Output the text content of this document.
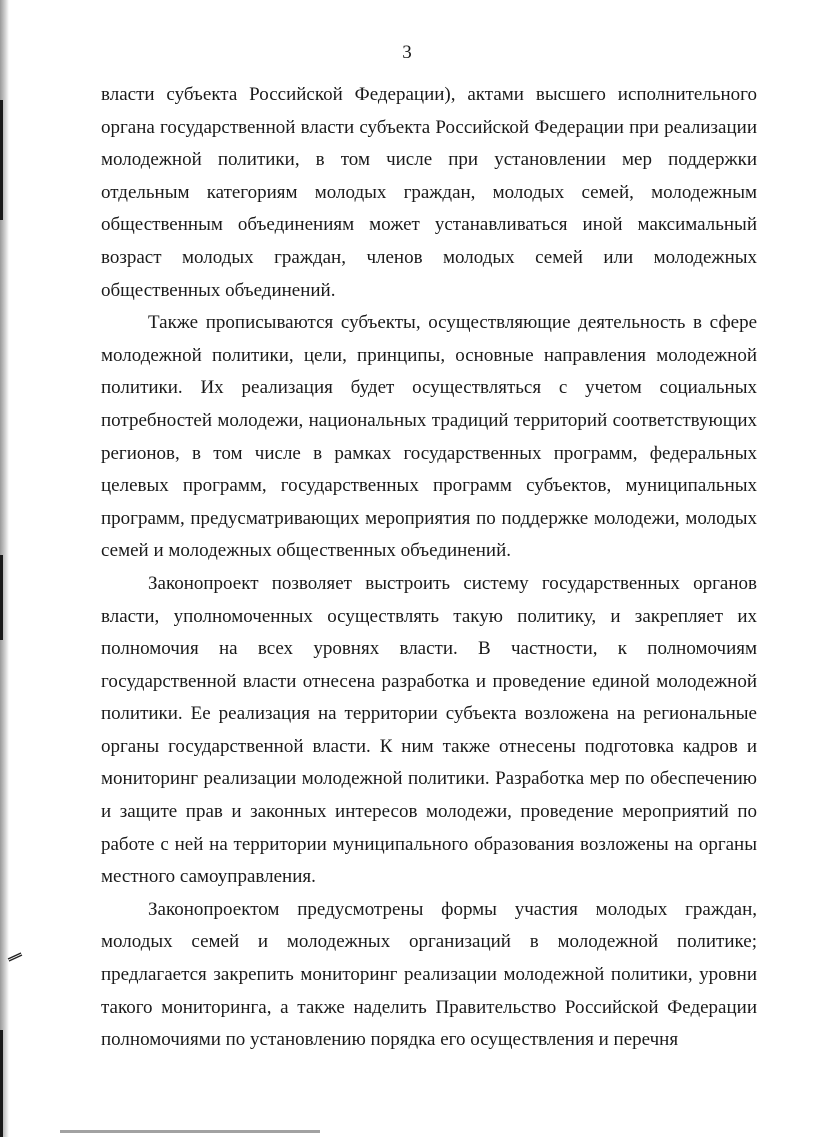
3

власти субъекта Российской Федерации), актами высшего исполнительного органа государственной власти субъекта Российской Федерации при реализации молодежной политики, в том числе при установлении мер поддержки отдельным категориям молодых граждан, молодых семей, молодежным общественным объединениям может устанавливаться иной максимальный возраст молодых граждан, членов молодых семей или молодежных общественных объединений.

Также прописываются субъекты, осуществляющие деятельность в сфере молодежной политики, цели, принципы, основные направления молодежной политики. Их реализация будет осуществляться с учетом социальных потребностей молодежи, национальных традиций территорий соответствующих регионов, в том числе в рамках государственных программ, федеральных целевых программ, государственных программ субъектов, муниципальных программ, предусматривающих мероприятия по поддержке молодежи, молодых семей и молодежных общественных объединений.

Законопроект позволяет выстроить систему государственных органов власти, уполномоченных осуществлять такую политику, и закрепляет их полномочия на всех уровнях власти. В частности, к полномочиям государственной власти отнесена разработка и проведение единой молодежной политики. Ее реализация на территории субъекта возложена на региональные органы государственной власти. К ним также отнесены подготовка кадров и мониторинг реализации молодежной политики. Разработка мер по обеспечению и защите прав и законных интересов молодежи, проведение мероприятий по работе с ней на территории муниципального образования возложены на органы местного самоуправления.

Законопроектом предусмотрены формы участия молодых граждан, молодых семей и молодежных организаций в молодежной политике; предлагается закрепить мониторинг реализации молодежной политики, уровни такого мониторинга, а также наделить Правительство Российской Федерации полномочиями по установлению порядка его осуществления и перечня
